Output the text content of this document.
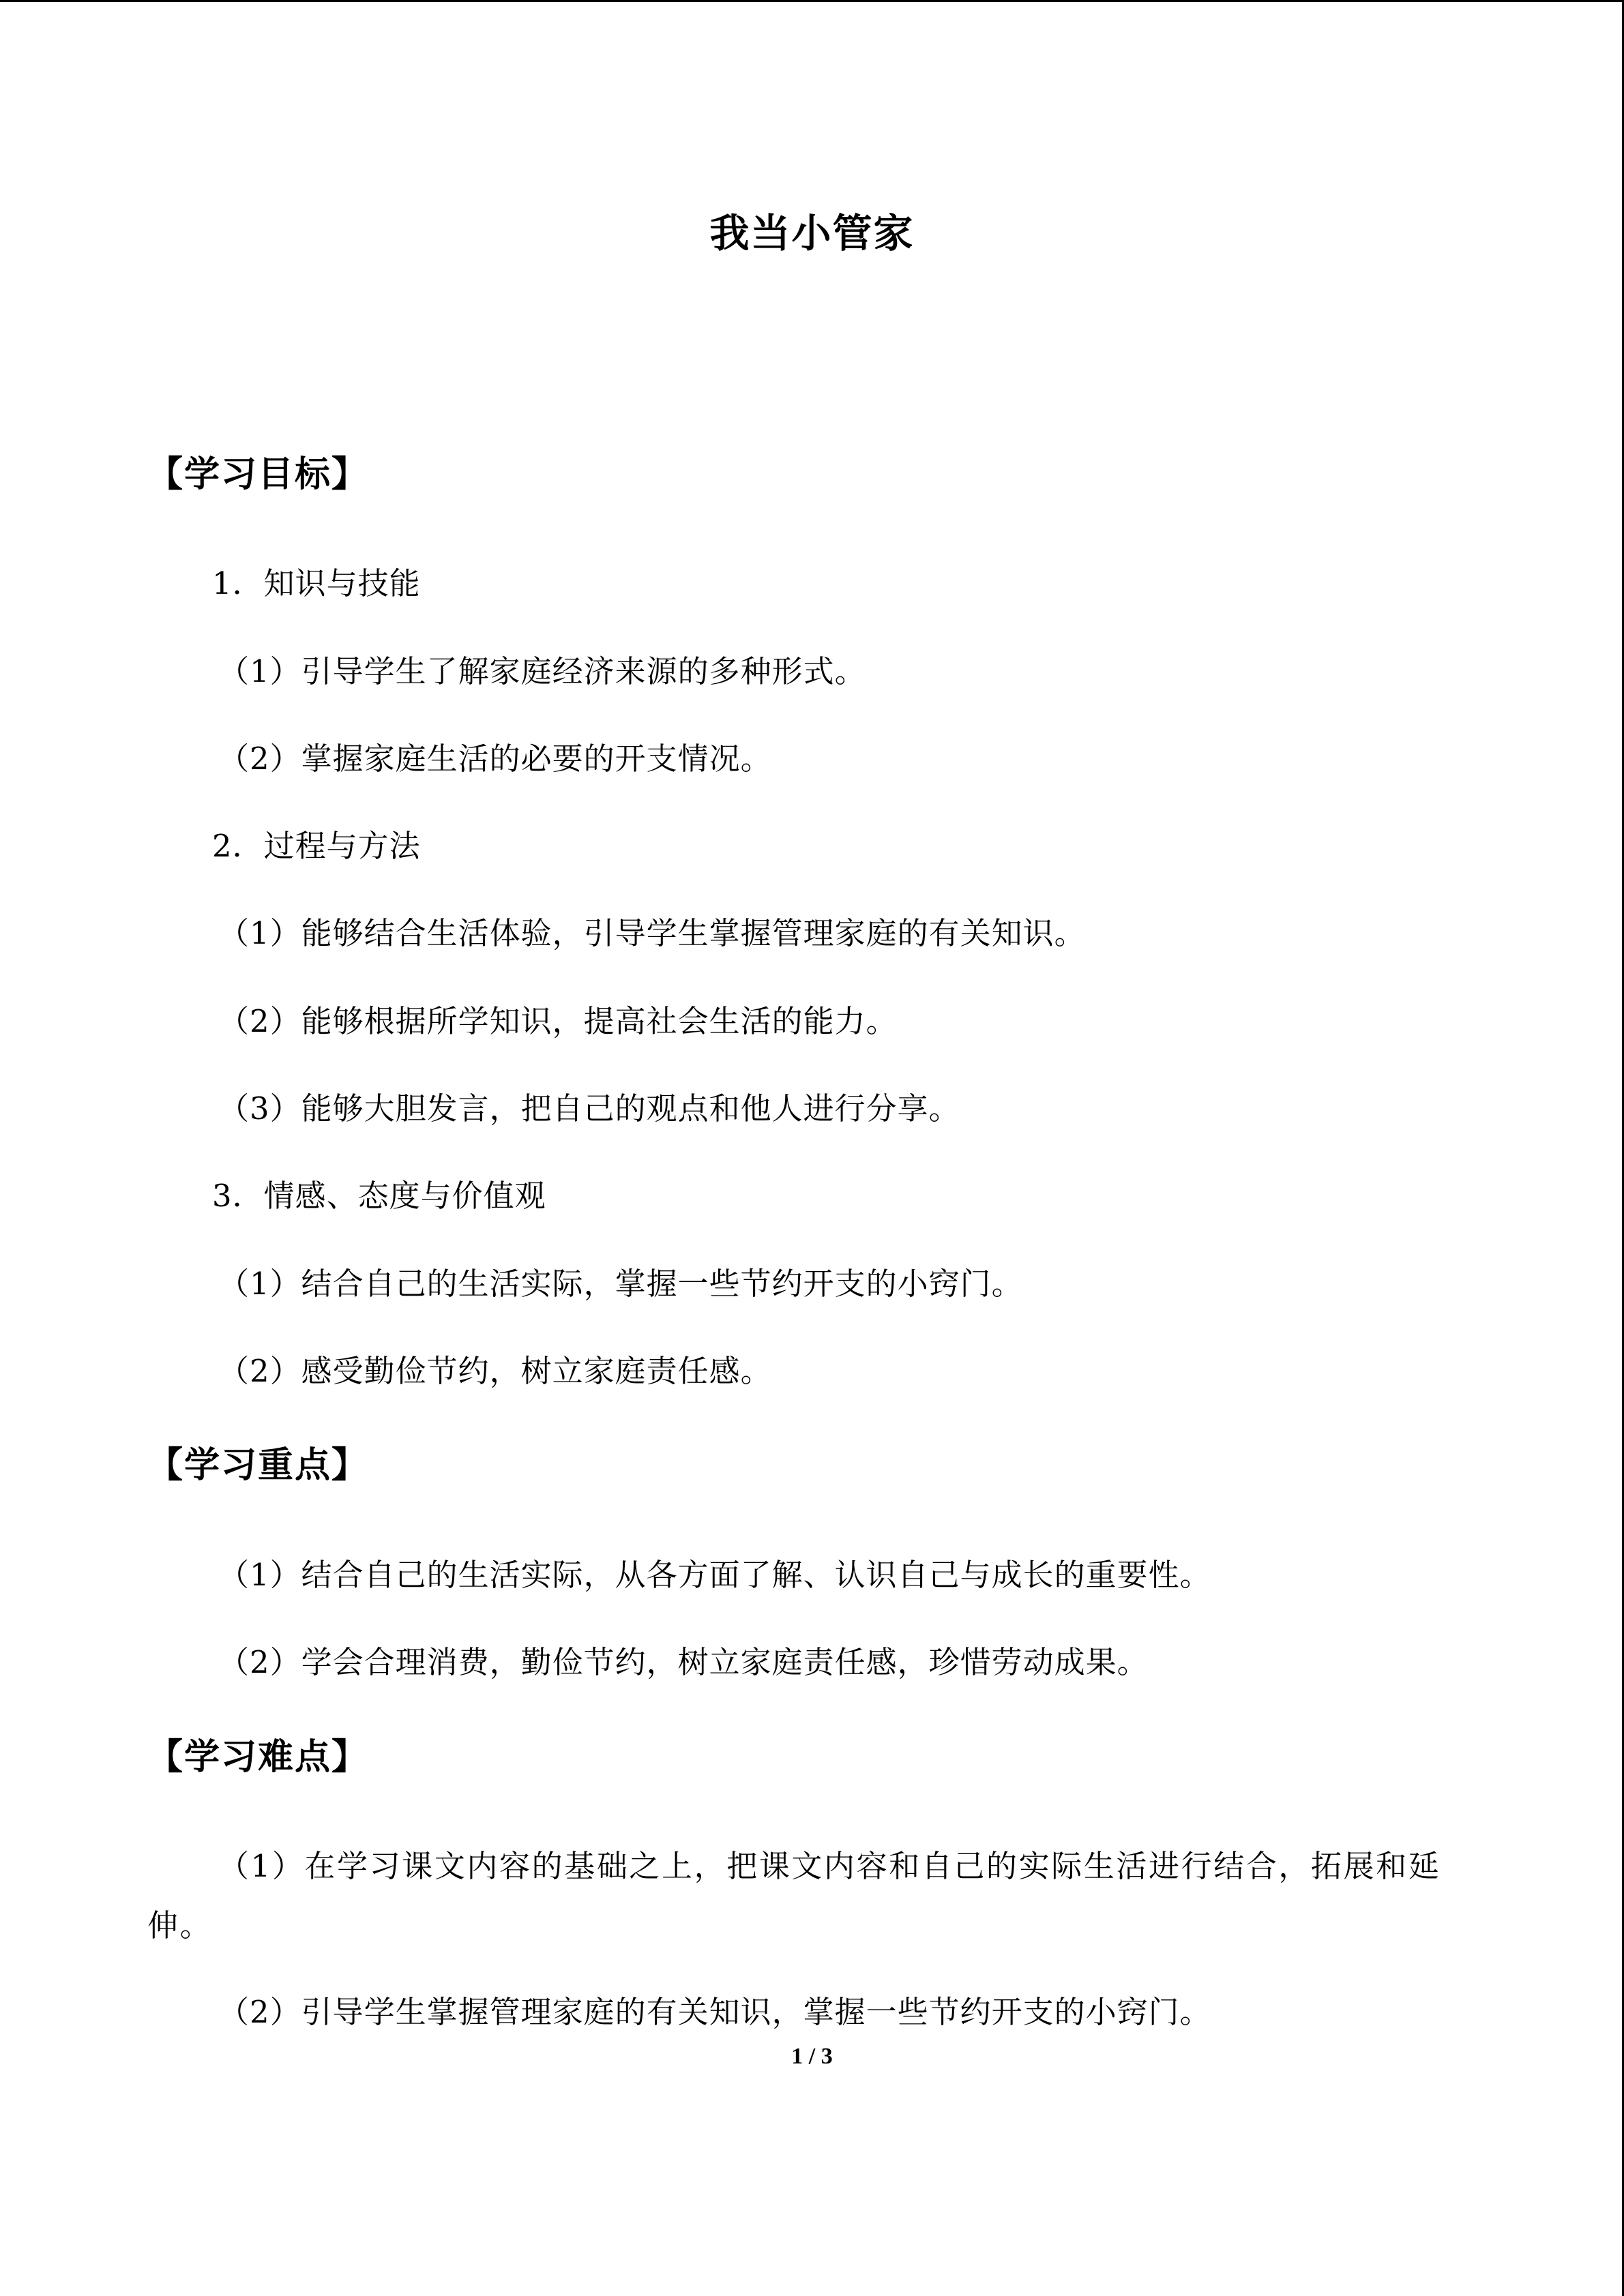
我当小管家
【学习目标】
1．知识与技能
（1）引导学生了解家庭经济来源的多种形式。
（2）掌握家庭生活的必要的开支情况。
2．过程与方法
（1）能够结合生活体验，引导学生掌握管理家庭的有关知识。
（2）能够根据所学知识，提高社会生活的能力。
（3）能够大胆发言，把自己的观点和他人进行分享。
3．情感、态度与价值观
（1）结合自己的生活实际，掌握一些节约开支的小窍门。
（2）感受勤俭节约，树立家庭责任感。
【学习重点】
（1）结合自己的生活实际，从各方面了解、认识自己与成长的重要性。
（2）学会合理消费，勤俭节约，树立家庭责任感，珍惜劳动成果。
【学习难点】
（1）在学习课文内容的基础之上，把课文内容和自己的实际生活进行结合，拓展和延伸。
（2）引导学生掌握管理家庭的有关知识，掌握一些节约开支的小窍门。
1 / 3
